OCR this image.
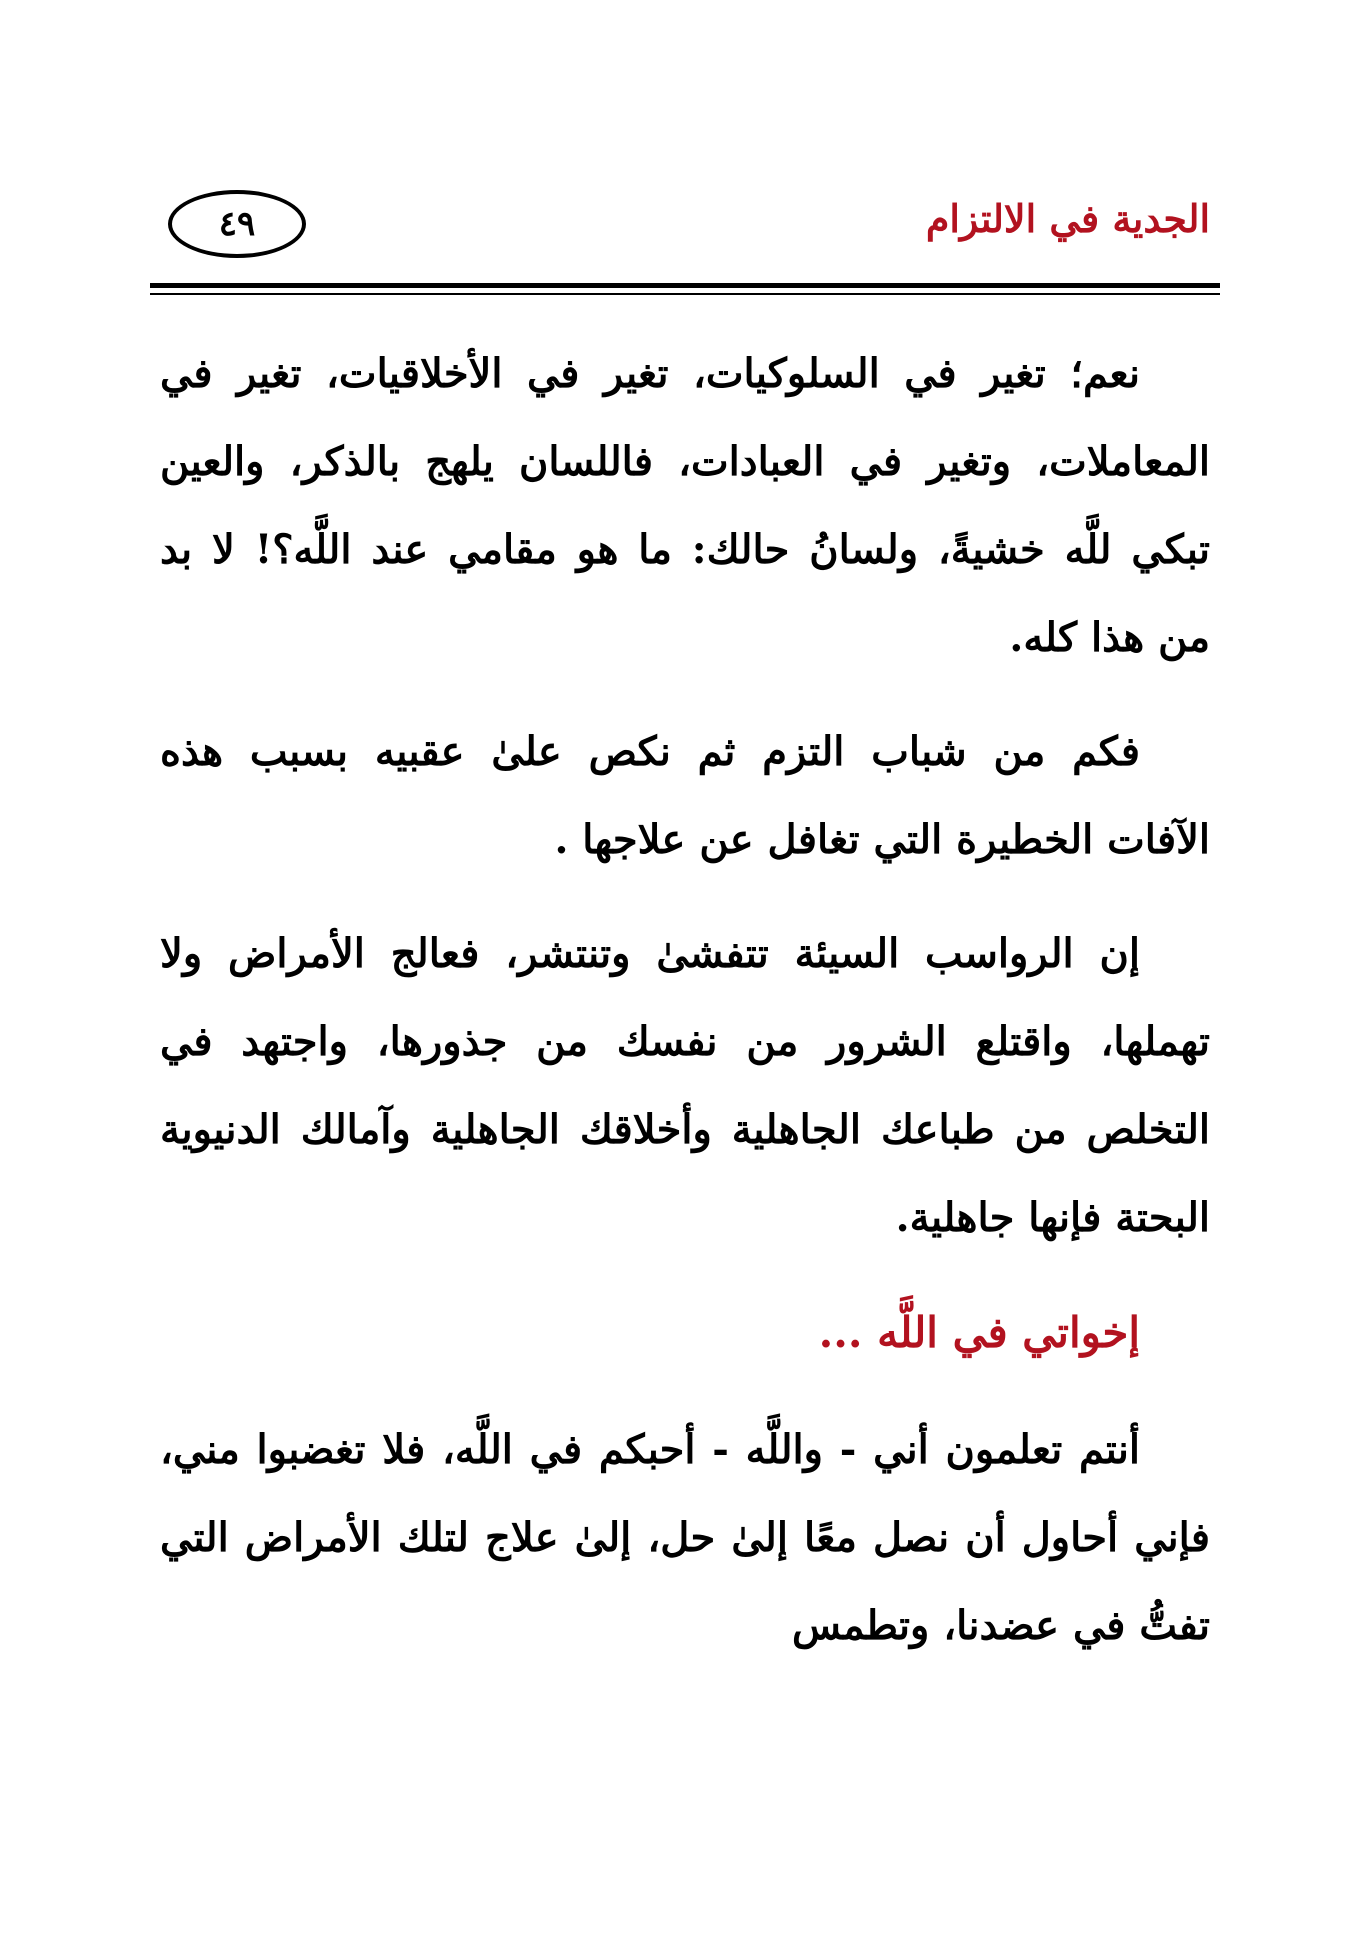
الجدية في الالتزام
٤٩

نعم؛ تغير في السلوكيات، تغير في الأخلاقيات، تغير في المعاملات، وتغير في العبادات، فاللسان يلهج بالذكر، والعين تبكي للَّه خشيةً، ولسانُ حالك: ما هو مقامي عند اللَّه؟! لا بد من هذا كله.

فكم من شباب التزم ثم نكص علىٰ عقبيه بسبب هذه الآفات الخطيرة التي تغافل عن علاجها .

إن الرواسب السيئة تتفشىٰ وتنتشر، فعالج الأمراض ولا تهملها، واقتلع الشرور من نفسك من جذورها، واجتهد في التخلص من طباعك الجاهلية وأخلاقك الجاهلية وآمالك الدنيوية البحتة فإنها جاهلية.

إخواتي في اللَّه ...

أنتم تعلمون أني - واللَّه - أحبكم في اللَّه، فلا تغضبوا مني، فإني أحاول أن نصل معًا إلىٰ حل، إلىٰ علاج لتلك الأمراض التي تفتُّ في عضدنا، وتطمس
